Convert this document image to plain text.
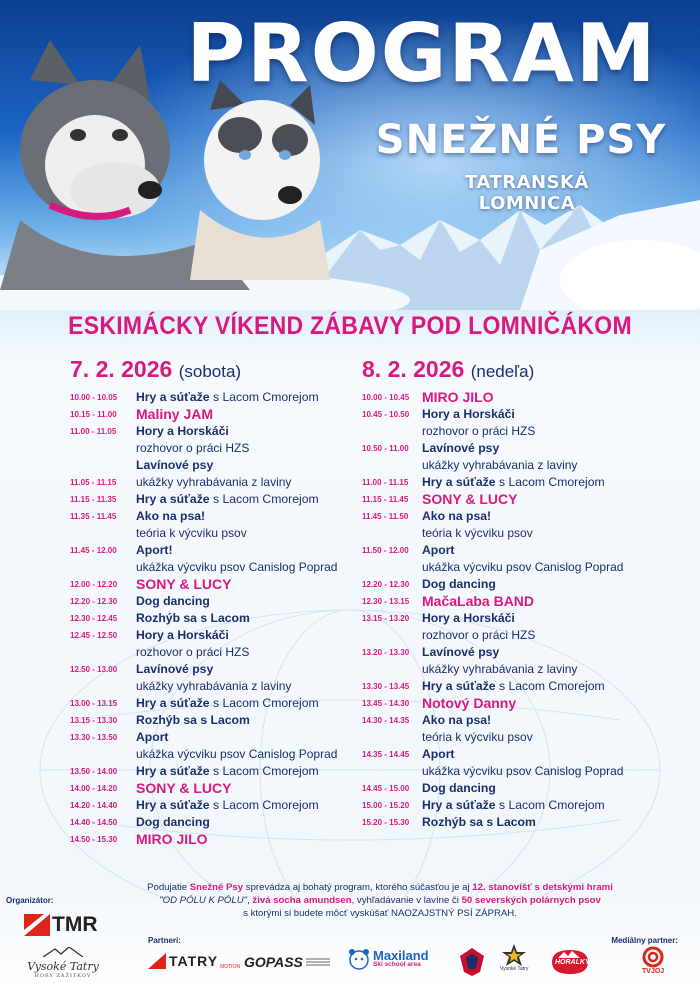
PROGRAM
SNEŽNÉ PSY
TATRANSKÁ LOMNICA
ESKIMÁCKY VÍKEND ZÁBAVY POD LOMNIČÁKOM
7. 2. 2026 (sobota)
10.00 - 10.05	Hry a súťaže s Lacom Cmorejom
10.15 - 11.00	Maliny JAM
11.00 - 11.05	Hory a Horskáči
rozhovor o práci HZS
Lavínové psy
11.05 - 11.15	ukážky vyhrabávania z laviny
11.15 - 11.35	Hry a súťaže s Lacom Cmorejom
11.35 - 11.45	Ako na psa!
teória k výcviku psov
11.45 - 12.00	Aport!
ukážka výcviku psov Canislog Poprad
12.00 - 12.20	SONY & LUCY
12.20 - 12.30	Dog dancing
12.30 - 12.45	Rozhýb sa s Lacom
12.45 - 12.50	Hory a Horskáči
rozhovor o práci HZS
12.50 - 13.00	Lavínové psy
ukážky vyhrabávania z laviny
13.00 - 13.15	Hry a súťaže s Lacom Cmorejom
13.15 - 13.30	Rozhýb sa s Lacom
13.30 - 13.50	Aport
ukážka výcviku psov Canislog Poprad
13.50 - 14.00	Hry a súťaže s Lacom Cmorejom
14.00 - 14.20	SONY & LUCY
14.20 - 14.40	Hry a súťaže s Lacom Cmorejom
14.40 - 14.50	Dog dancing
14.50 - 15.30	MIRO JILO
8. 2. 2026 (nedeľa)
10.00 - 10.45 MIRO JILO
10.45 - 10.50	Hory a Horskáči
rozhovor o práci HZS
10.50 - 11.00	Lavínové psy
ukážky vyhrabávania z laviny
11.00 - 11.15	Hry a súťaže s Lacom Cmorejom
11.15 - 11.45 SONY & LUCY
11.45 - 11.50	Ako na psa!
teória k výcviku psov
11.50 - 12.00	Aport
ukážka výcviku psov Canislog Poprad
12.20 - 12.30	Dog dancing
12.30 - 13.15 MačaLaba BAND
13.15 - 13.20	Hory a Horskáči
rozhovor o práci HZS
13.20 - 13.30	Lavínové psy
ukážky vyhrabávania z laviny
13.30 - 13.45	Hry a súťaže s Lacom Cmorejom
13.45 - 14.30 Notový Danny
14.30 - 14.35	Ako na psa!
teória k výcviku psov
14.35 - 14.45	Aport
ukážka výcviku psov Canislog Poprad
14.45 - 15.00	Dog dancing
15.00 - 15.20	Hry a súťaže s Lacom Cmorejom
15.20 - 15.30	Rozhýb sa s Lacom
Podujatie Snežné Psy sprevádza aj bohatý program, ktorého súčasťou je aj 12. stanovíšť s detskými hrami
"OD PÓLU K PÓLU", živá socha amundsen, vyhľadávanie v lavíne či 50 severských polárnych psov
s ktorými si budete môcť vyskúšať NAOZAJSTNÝ PSÍ ZÁPRAH.
Organizátor:
TMR
Vysoké Tatry
HORY ZÁŽITKOV
Partneri:	Mediálny partner:
TATRY MOTION GOPASS	Maxiland
Ski school area
Vysoké Tatry
HORALKY
TVJOJ
